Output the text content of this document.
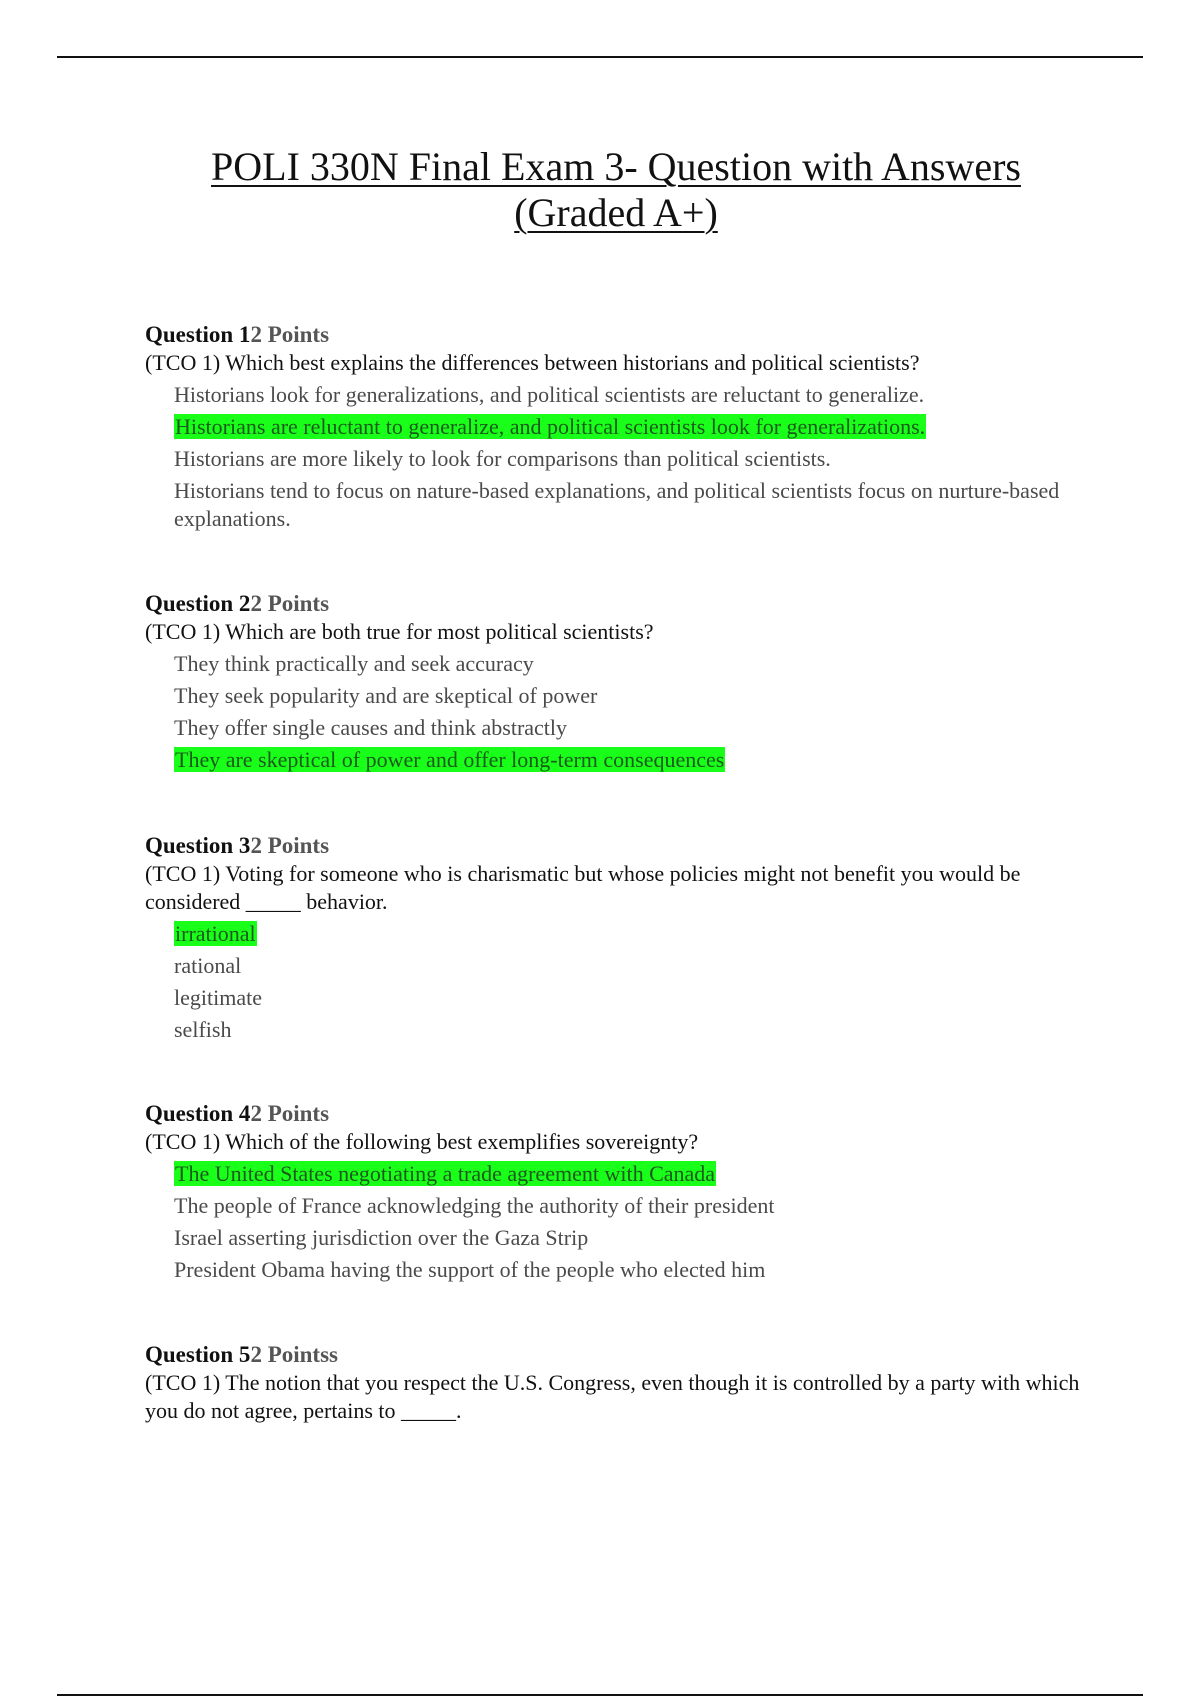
POLI 330N Final Exam 3- Question with Answers
(Graded A+)
Question 12 Points
(TCO 1) Which best explains the differences between historians and political scientists?
Historians look for generalizations, and political scientists are reluctant to generalize.
Historians are reluctant to generalize, and political scientists look for generalizations.
Historians are more likely to look for comparisons than political scientists.
Historians tend to focus on nature-based explanations, and political scientists focus on nurture-based explanations.
Question 22 Points
(TCO 1) Which are both true for most political scientists?
They think practically and seek accuracy
They seek popularity and are skeptical of power
They offer single causes and think abstractly
They are skeptical of power and offer long-term consequences
Question 32 Points
(TCO 1) Voting for someone who is charismatic but whose policies might not benefit you would be considered _____ behavior.
irrational
rational
legitimate
selfish
Question 42 Points
(TCO 1) Which of the following best exemplifies sovereignty?
The United States negotiating a trade agreement with Canada
The people of France acknowledging the authority of their president
Israel asserting jurisdiction over the Gaza Strip
President Obama having the support of the people who elected him
Question 52 Pointss
(TCO 1) The notion that you respect the U.S. Congress, even though it is controlled by a party with which you do not agree, pertains to _____.
